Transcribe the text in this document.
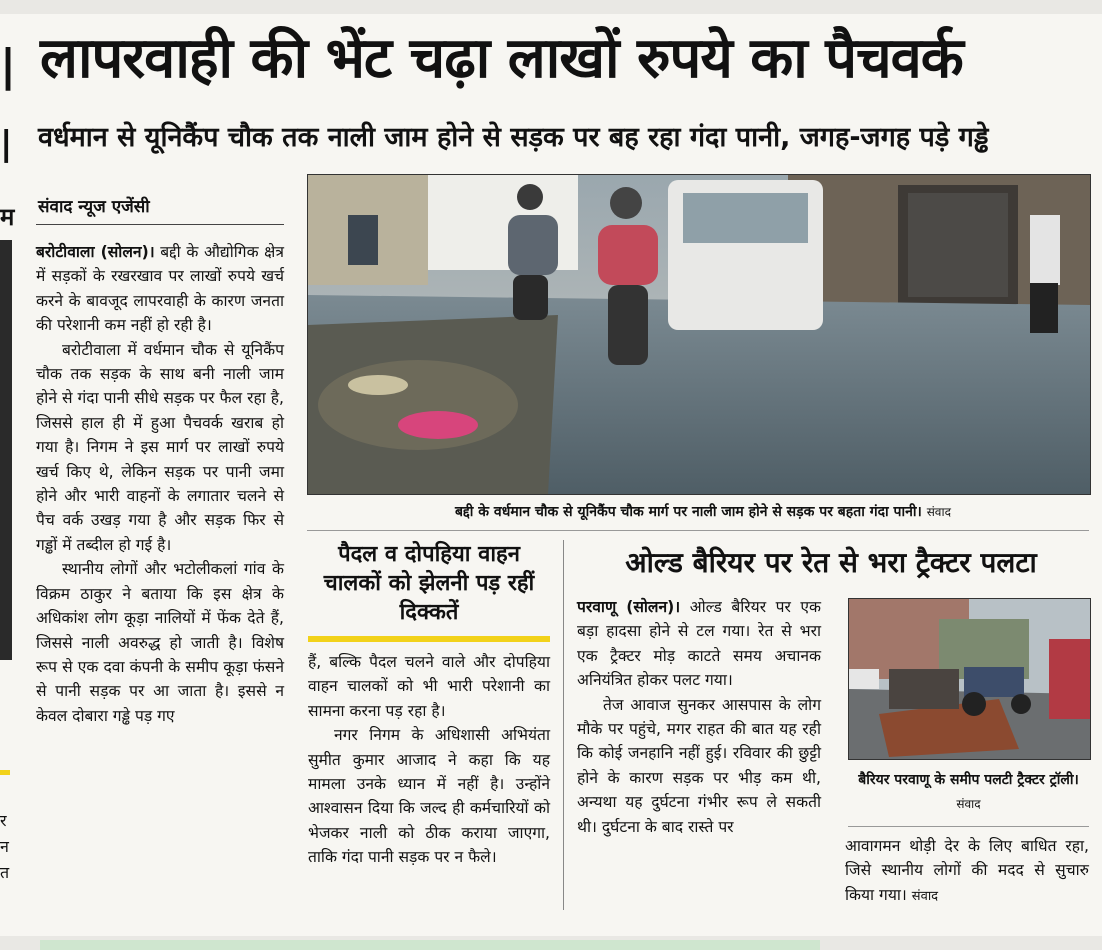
|
|
म
र
न
त
लापरवाही की भेंट चढ़ा लाखों रुपये का पैचवर्क
वर्धमान से यूनिकैंप चौक तक नाली जाम होने से सड़क पर बह रहा गंदा पानी, जगह-जगह पड़े गड्ढे
संवाद न्यूज एजेंसी

बरोटीवाला (सोलन)। बद्दी के औद्योगिक क्षेत्र में सड़कों के रखरखाव पर लाखों रुपये खर्च करने के बावजूद लापरवाही के कारण जनता की परेशानी कम नहीं हो रही है।

बरोटीवाला में वर्धमान चौक से यूनिकैंप चौक तक सड़क के साथ बनी नाली जाम होने से गंदा पानी सीधे सड़क पर फैल रहा है, जिससे हाल ही में हुआ पैचवर्क खराब हो गया है। निगम ने इस मार्ग पर लाखों रुपये खर्च किए थे, लेकिन सड़क पर पानी जमा होने और भारी वाहनों के लगातार चलने से पैच वर्क उखड़ गया है और सड़क फिर से गड्ढों में तब्दील हो गई है।

स्थानीय लोगों और भटोलीकलां गांव के विक्रम ठाकुर ने बताया कि इस क्षेत्र के अधिकांश लोग कूड़ा नालियों में फेंक देते हैं, जिससे नाली अवरुद्ध हो जाती है। विशेष रूप से एक दवा कंपनी के समीप कूड़ा फंसने से पानी सड़क पर आ जाता है। इससे न केवल दोबारा गड्ढे पड़ गए

बद्दी के वर्धमान चौक से यूनिकैंप चौक मार्ग पर नाली जाम होने से सड़क पर बहता गंदा पानी। संवाद
पैदल व दोपहिया वाहन चालकों को झेलनी पड़ रहीं दिक्कतें

हैं, बल्कि पैदल चलने वाले और दोपहिया वाहन चालकों को भी भारी परेशानी का सामना करना पड़ रहा है।

नगर निगम के अधिशासी अभियंता सुमीत कुमार आजाद ने कहा कि यह मामला उनके ध्यान में नहीं है। उन्होंने आश्वासन दिया कि जल्द ही कर्मचारियों को भेजकर नाली को ठीक कराया जाएगा, ताकि गंदा पानी सड़क पर न फैले।

ओल्ड बैरियर पर रेत से भरा ट्रैक्टर पलटा

परवाणू (सोलन)। ओल्ड बैरियर पर एक बड़ा हादसा होने से टल गया। रेत से भरा एक ट्रैक्टर मोड़ काटते समय अचानक अनियंत्रित होकर पलट गया।

तेज आवाज सुनकर आसपास के लोग मौके पर पहुंचे, मगर राहत की बात यह रही कि कोई जनहानि नहीं हुई। रविवार की छुट्टी होने के कारण सड़क पर भीड़ कम थी, अन्यथा यह दुर्घटना गंभीर रूप ले सकती थी। दुर्घटना के बाद रास्ते पर

बैरियर परवाणू के समीप पलटी ट्रैक्टर ट्रॉली। संवाद

आवागमन थोड़ी देर के लिए बाधित रहा, जिसे स्थानीय लोगों की मदद से सुचारु किया गया। संवाद
